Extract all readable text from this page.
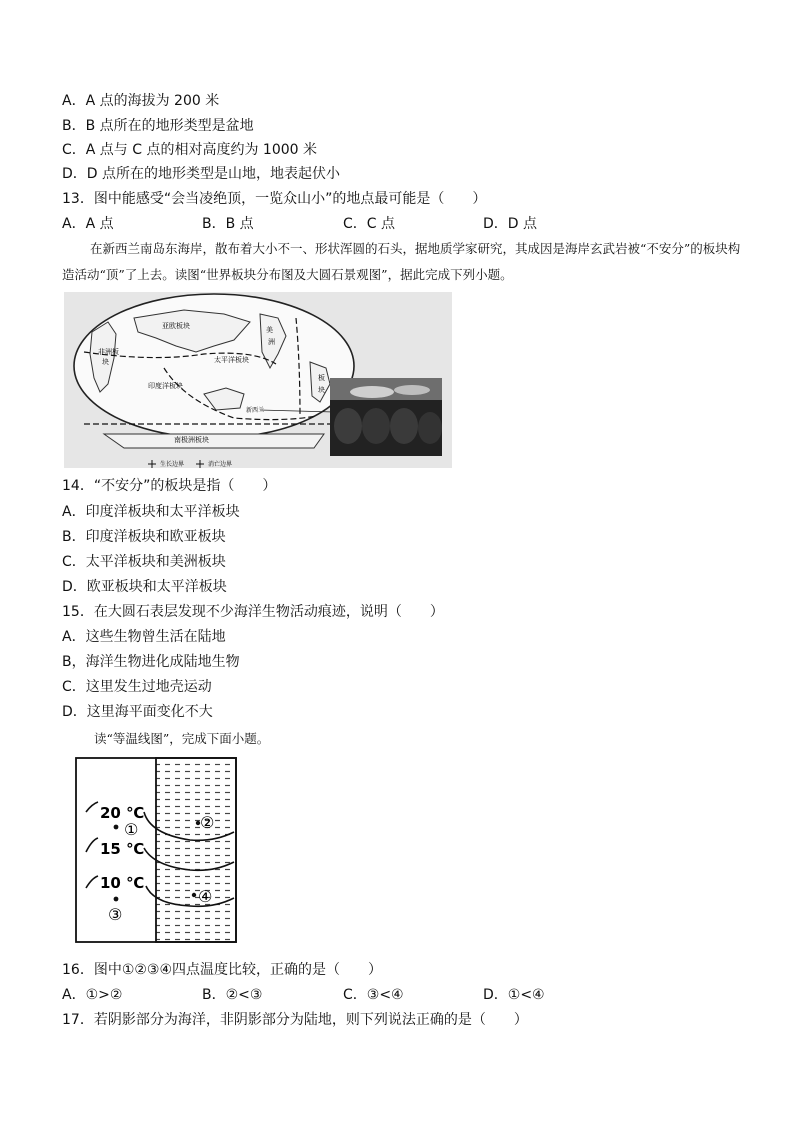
A．A 点的海拔为 200 米
B．B 点所在的地形类型是盆地
C．A 点与 C 点的相对高度约为 1000 米
D．D 点所在的地形类型是山地，地表起伏小
13．图中能感受“会当凌绝顶，一览众山小”的地点最可能是（　　）
A．A 点	B．B 点	C．C 点	D．D 点
在新西兰南岛东海岸，散布着大小不一、形状浑圆的石头，据地质学家研究，其成因是海岸玄武岩被“不安分”的板块构造活动“顶”了上去。读图“世界板块分布图及大圆石景观图”，据此完成下列小题。
亚欧板块
非洲板
块	太平洋板块
美
洲
板
块
印度洋板块
新西兰
南极洲板块
生长边界	消亡边界
14．“不安分”的板块是指（　　）
A．印度洋板块和太平洋板块
B．印度洋板块和欧亚板块
C．太平洋板块和美洲板块
D．欧亚板块和太平洋板块
15．在大圆石表层发现不少海洋生物活动痕迹，说明（　　）
A．这些生物曾生活在陆地
B，海洋生物进化成陆地生物
C．这里发生过地壳运动
D．这里海平面变化不大
读“等温线图”，完成下面小题。
20 ℃
15 ℃
10 ℃
①	②
③
④
16．图中①②③④四点温度比较，正确的是（　　）
A．①>②	B．②<③	C．③<④	D．①<④
17．若阴影部分为海洋，非阴影部分为陆地，则下列说法正确的是（　　）
